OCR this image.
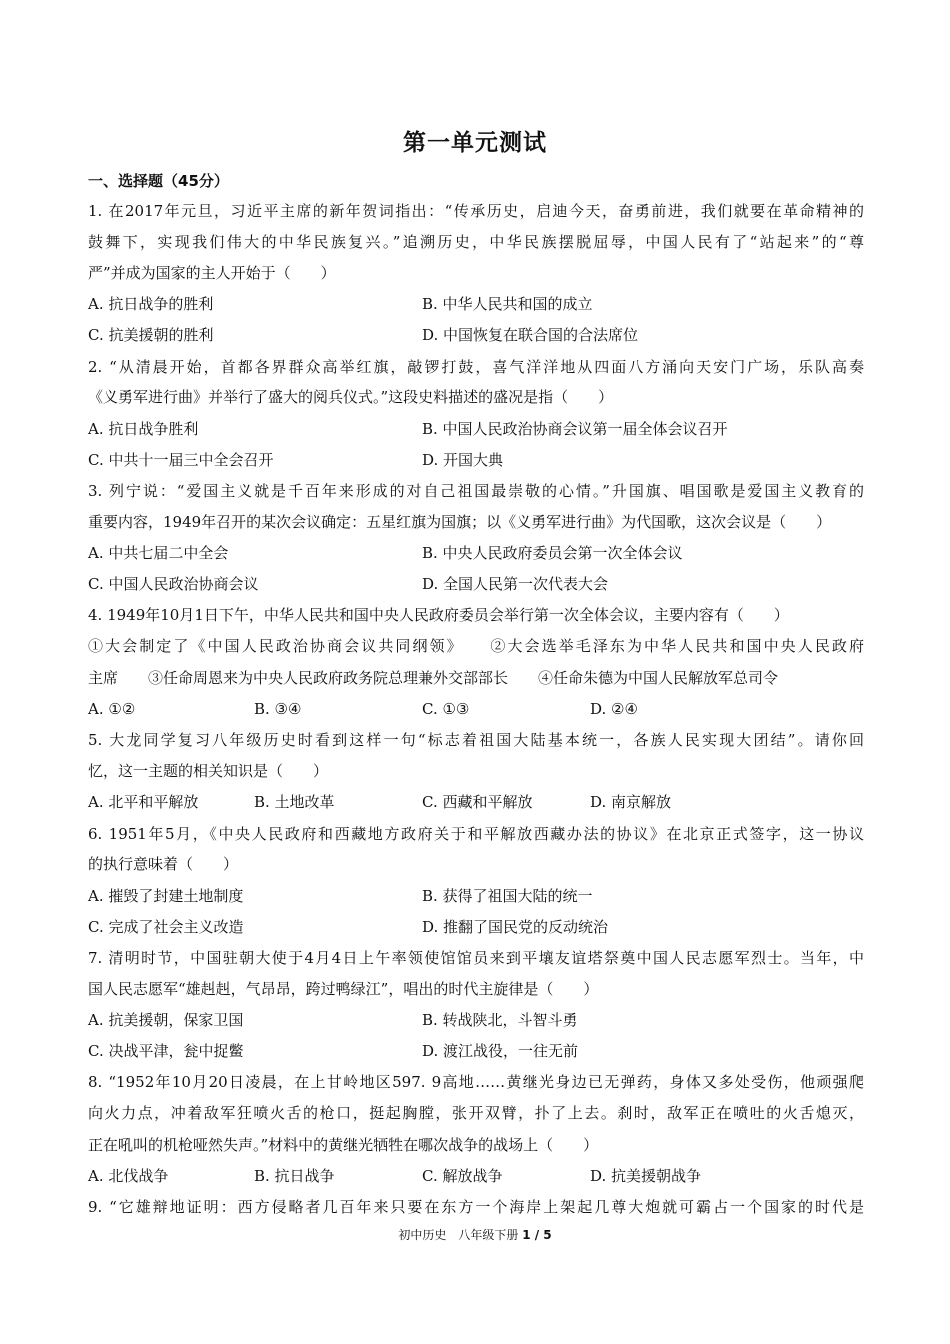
第一单元测试
一、选择题（45分）
1. 在2017年元旦，习近平主席的新年贺词指出：“传承历史，启迪今天，奋勇前进，我们就要在革命精神的
鼓舞下，实现我们伟大的中华民族复兴。”追溯历史，中华民族摆脱屈辱，中国人民有了“站起来”的“尊
严”并成为国家的主人开始于（　　）
A. 抗日战争的胜利	B. 中华人民共和国的成立
C. 抗美援朝的胜利	D. 中国恢复在联合国的合法席位
2. “从清晨开始，首都各界群众高举红旗，敲锣打鼓，喜气洋洋地从四面八方涌向天安门广场，乐队高奏
《义勇军进行曲》并举行了盛大的阅兵仪式。”这段史料描述的盛况是指（　　）
A. 抗日战争胜利	B. 中国人民政治协商会议第一届全体会议召开
C. 中共十一届三中全会召开	D. 开国大典
3. 列宁说：“爱国主义就是千百年来形成的对自己祖国最崇敬的心情。”升国旗、唱国歌是爱国主义教育的
重要内容，1949年召开的某次会议确定：五星红旗为国旗；以《义勇军进行曲》为代国歌，这次会议是（　　）
A. 中共七届二中全会	B. 中央人民政府委员会第一次全体会议
C. 中国人民政治协商会议	D. 全国人民第一次代表大会
4. 1949年10月1日下午，中华人民共和国中央人民政府委员会举行第一次全体会议，主要内容有（　　）
①大会制定了《中国人民政治协商会议共同纲领》　　②大会选举毛泽东为中华人民共和国中央人民政府
主席　　③任命周恩来为中央人民政府政务院总理兼外交部部长　　④任命朱德为中国人民解放军总司令
A. ①②	B. ③④	C. ①③	D. ②④
5. 大龙同学复习八年级历史时看到这样一句“标志着祖国大陆基本统一，各族人民实现大团结”。请你回
忆，这一主题的相关知识是（　　）
A. 北平和平解放	B. 土地改革	C. 西藏和平解放	D. 南京解放
6. 1951年5月，《中央人民政府和西藏地方政府关于和平解放西藏办法的协议》在北京正式签字，这一协议
的执行意味着（　　）
A. 摧毁了封建土地制度	B. 获得了祖国大陆的统一
C. 完成了社会主义改造	D. 推翻了国民党的反动统治
7. 清明时节，中国驻朝大使于4月4日上午率领使馆馆员来到平壤友谊塔祭奠中国人民志愿军烈士。当年，中
国人民志愿军“雄赳赳，气昂昂，跨过鸭绿江”，唱出的时代主旋律是（　　）
A. 抗美援朝，保家卫国	B. 转战陕北，斗智斗勇
C. 决战平津，瓮中捉鳖	D. 渡江战役，一往无前
8. “1952年10月20日凌晨，在上甘岭地区597. 9高地……黄继光身边已无弹药，身体又多处受伤，他顽强爬
向火力点，冲着敌军狂喷火舌的枪口，挺起胸膛，张开双臂，扑了上去。刹时，敌军正在喷吐的火舌熄灭，
正在吼叫的机枪哑然失声。”材料中的黄继光牺牲在哪次战争的战场上（　　）
A. 北伐战争	B. 抗日战争	C. 解放战争	D. 抗美援朝战争
9. “它雄辩地证明：西方侵略者几百年来只要在东方一个海岸上架起几尊大炮就可霸占一个国家的时代是
初中历史　八年级下册 1 / 5
